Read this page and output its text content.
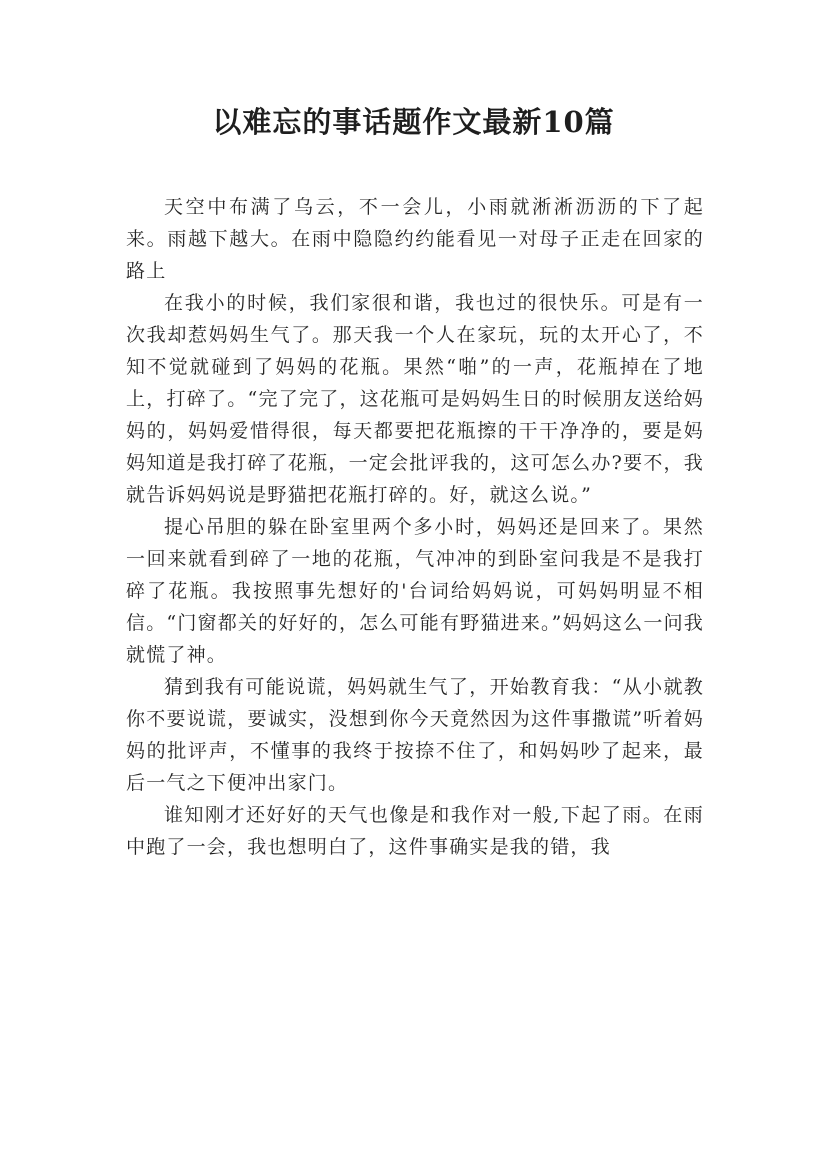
以难忘的事话题作文最新10篇

天空中布满了乌云，不一会儿，小雨就淅淅沥沥的下了起来。雨越下越大。在雨中隐隐约约能看见一对母子正走在回家的路上

在我小的时候，我们家很和谐，我也过的很快乐。可是有一次我却惹妈妈生气了。那天我一个人在家玩，玩的太开心了，不知不觉就碰到了妈妈的花瓶。果然“啪”的一声，花瓶掉在了地上，打碎了。“完了完了，这花瓶可是妈妈生日的时候朋友送给妈妈的，妈妈爱惜得很，每天都要把花瓶擦的干干净净的，要是妈妈知道是我打碎了花瓶，一定会批评我的，这可怎么办?要不，我就告诉妈妈说是野猫把花瓶打碎的。好，就这么说。”

提心吊胆的躲在卧室里两个多小时，妈妈还是回来了。果然一回来就看到碎了一地的花瓶，气冲冲的到卧室问我是不是我打碎了花瓶。我按照事先想好的'台词给妈妈说，可妈妈明显不相信。“门窗都关的好好的，怎么可能有野猫进来。”妈妈这么一问我就慌了神。

猜到我有可能说谎，妈妈就生气了，开始教育我：“从小就教你不要说谎，要诚实，没想到你今天竟然因为这件事撒谎”听着妈妈的批评声，不懂事的我终于按捺不住了，和妈妈吵了起来，最后一气之下便冲出家门。

谁知刚才还好好的天气也像是和我作对一般,下起了雨。在雨中跑了一会，我也想明白了，这件事确实是我的错，我
